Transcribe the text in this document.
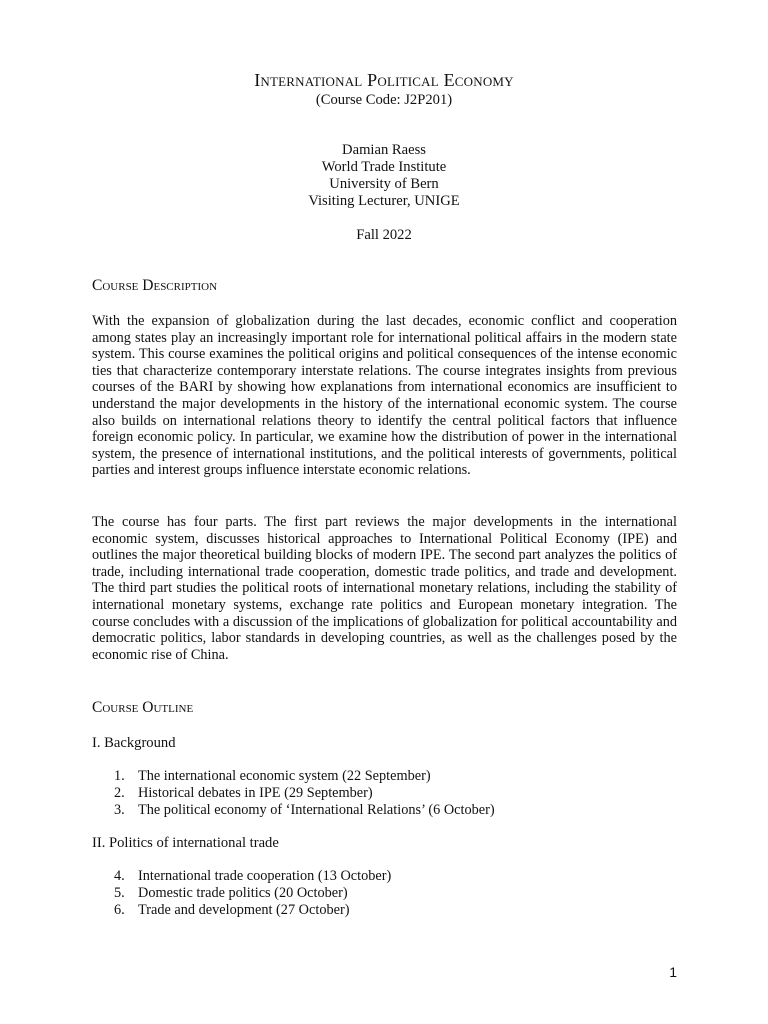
International Political Economy
(Course Code: J2P201)
Damian Raess
World Trade Institute
University of Bern
Visiting Lecturer, UNIGE
Fall 2022
Course Description

With the expansion of globalization during the last decades, economic conflict and cooperation among states play an increasingly important role for international political affairs in the modern state system. This course examines the political origins and political consequences of the intense economic ties that characterize contemporary interstate relations. The course integrates insights from previous courses of the BARI by showing how explanations from international economics are insufficient to understand the major developments in the history of the international economic system. The course also builds on international relations theory to identify the central political factors that influence foreign economic policy. In particular, we examine how the distribution of power in the international system, the presence of international institutions, and the political interests of governments, political parties and interest groups influence interstate economic relations.

The course has four parts. The first part reviews the major developments in the international economic system, discusses historical approaches to International Political Economy (IPE) and outlines the major theoretical building blocks of modern IPE. The second part analyzes the politics of trade, including international trade cooperation, domestic trade politics, and trade and development. The third part studies the political roots of international monetary relations, including the stability of international monetary systems, exchange rate politics and European monetary integration. The course concludes with a discussion of the implications of globalization for political accountability and democratic politics, labor standards in developing countries, as well as the challenges posed by the economic rise of China.

Course Outline
I. Background
1. The international economic system (22 September)
2. Historical debates in IPE (29 September)
3. The political economy of ‘International Relations’ (6 October)
II. Politics of international trade
4. International trade cooperation (13 October)
5. Domestic trade politics (20 October)
6. Trade and development (27 October)
1
